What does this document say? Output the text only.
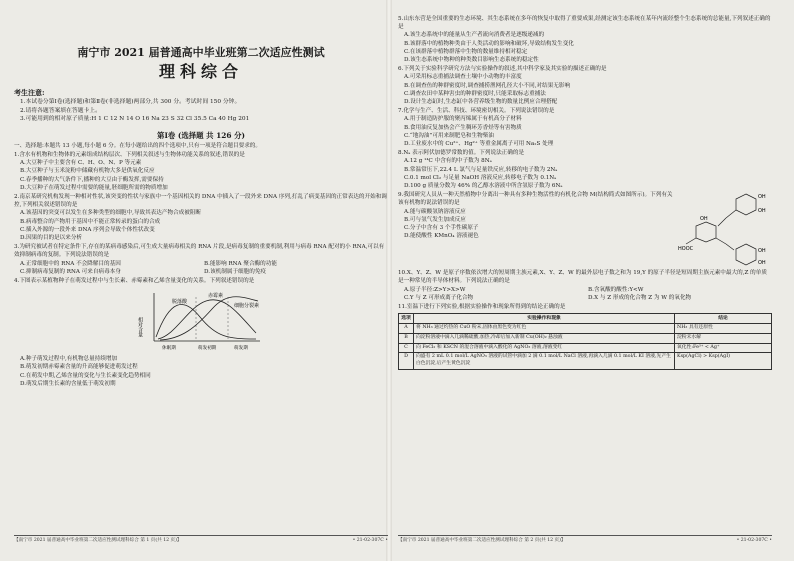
南宁市 2021 届普通高中毕业班第二次适应性测试
理科综合
考生注意:
1.本试卷分第Ⅰ卷(选择题)和第Ⅱ卷(非选择题)两部分,共 300 分。考试时间 150 分钟。
2.请将各题答案填在答题卡上。
3.可能用到的相对原子质量:H 1 C 12 N 14 O 16 Na 23 S 32 Cl 35.5 Ca 40 Hg 201
第Ⅰ卷 (选择题 共 126 分)
一、选择题:本题共 13 小题,每小题 6 分。在每小题给出的四个选项中,只有一项是符合题目要求的。
1.含水有机物和生物体的元素组成结构层次、下列相关叙述与生物体功能关系的叙述,错误的是
A.大豆种子中主要含有 C、H、O、N、P 等元素
B.大豆种子与玉米淀粉中储藏有机物大多是供氧化反应
C.春季播种的大气条件下,播种的大豆由于酶发挥,需要保持
D.大豆种子在萌发过程中需要的能量,胚细胞所需的物质增加
2.南京某研究机构发现一种相对性状,该突变的性状与家族中一个基因相关的 DNA 中插入了一段外来 DNA 序列,打乱了病变基因的正常表达的开始和调控,下列相关叙述错误的是
A.该基因的突变可以发生在多种类型的细胞中,导致其表达产物合成被阻断
B.病毒整合的产物用于基因中不能正常转录的蛋白的合成
C.插入外源的一段外来 DNA 序列会导致个体性状改变
D.因果的目的是以来分析
3.为研究被试者在特定条件下,存在的某病毒感染后,可生成大量病毒相关的 RNA 片段,是病毒复制的重要机制,利用与病毒 RNA 配对的小 RNA,可以有效抑制病毒的复制。下列说法错误的是
A.正常细胞中的 RNA 不会降解目的基因	B.能影响 RNA 聚合酶的功能
C.抑制病毒复制的 RNA 可来自病毒本身	D.该机制属于细胞的免疫
4.下图表示某植物种子在萌发过程中与生长素、赤霉素和乙烯含量变化的关系。下列叙述错误的是
相对含量
脱落酸
赤霉素
细胞分裂素
休眠期	萌发初期	萌发期
A.种子萌发过程中,有机物总量持续增加
B.萌发初期赤霉素含量的升高能够促进萌发过程
C.在萌发中期,乙烯含量的变化与生长素变化趋势相同
D.萌发后期生长素的含量低于萌发初期
【南宁市 2021 届普通高中毕业班第二次适应性测试理科综合 第 1 页(共 12 页)】	• 21-02-307C •
5.山东东营是全国重要的生态环境、其生态系统在多年的恢复中取得了重要成果,经测定该生态系统在某年内流经整个生态系统的总能量,下列叙述正确的是
A.该生态系统中的能量从生产者流向消费者是逐级递减的
B.该群落中的植物种类由于人类活动的影响和破坏,导致结构发生变化
C.在该群落中植物群落中生物的数量维持相对稳定
D.该生态系统中物种的种类数目影响生态系统的稳定性
6.下列关于实验科学研究方法与实验操作的叙述,其中科学家及其实验的描述正确的是
A.可采用标志重捕法调查土壤中小动物的丰富度
B.在调查鱼的种群密度时,调查捕捞渔网孔径大小不同,对结果无影响
C.调查农田中某种害虫的种群密度时,只能采取标志重捕法
D.设计生态缸时,生态缸中各营养级生物的数量比例应合理搭配
7.化学与生产、生活、科技、环境密切相关。下列说法错误的是
A.用于制造防护服的聚丙烯属于有机高分子材料
B.食用油反复加热会产生稠环芳香烃等有害物质
C.“地沟油”可用来制肥皂和生物柴油
D.工业废水中的 Cu²⁺、Hg²⁺ 等重金属离子可用 Na₂S 处理
8.Nₐ 表示阿伏加德罗常数的值。下列说法正确的是
A.12 g ¹⁴C 中含有的中子数为 8Nₐ
B.常温常压下,22.4 L 氯气与足量铁反应,转移的电子数为 2Nₐ
C.0.1 mol Cl₂ 与足量 NaOH 溶液反应,转移电子数为 0.1Nₐ
D.100 g 质量分数为 46% 的乙醇水溶液中所含氢原子数为 6Nₐ
9.我国研究人员从一种天然植物中分离出一种具有多种生物活性的有机化合物 M(结构简式如图所示)。下列有关该有机物的说法错误的是
A.能与碳酸氢钠溶液反应
B.可与氢气发生加成反应
C.分子中含有 3 个手性碳原子
D.能使酸性 KMnO₄ 溶液褪色
OH
OH
HOOC
OH
OH
OH
10.X、Y、Z、W 是原子序数依次增大的短周期主族元素,X、Y、Z、W 的最外层电子数之和为 19,Y 的原子半径是短周期主族元素中最大的,Z 的单质是一种常见的半导体材料。下列说法正确的是
A.原子半径:Z>Y>X>W	B.含氧酸的酸性:Y<W
C.Y 与 Z 可形成离子化合物	D.X 与 Z 形成的化合物 Z 为 W 的氧化物
11.室温下进行下列实验,根据实验操作和现象所得到的结论正确的是
选项	实验操作和现象	结论
A	将 NH₃ 通过灼热的 CuO 粉末,固体由黑色变为红色	NH₃ 具有还原性
B	向淀粉溶液中滴入几滴稀硫酸,加热,冷却后加入新制 Cu(OH)₂ 悬浊液	淀粉未水解
C	向 FeCl₂ 和 KSCN 的混合溶液中滴入酸化的 AgNO₃ 溶液,溶液变红	氧化性:Fe³⁺ < Ag⁺
D	向盛有 2 mL 0.1 mol/L AgNO₃ 溶液的试管中滴加 2 滴 0.1 mol/L NaCl 溶液,再滴入几滴 0.1 mol/L KI 溶液,先产生白色沉淀,后产生黄色沉淀	Ksp(AgCl) > Ksp(AgI)
【南宁市 2021 届普通高中毕业班第二次适应性测试理科综合 第 2 页(共 12 页)】	• 21-02-307C •
